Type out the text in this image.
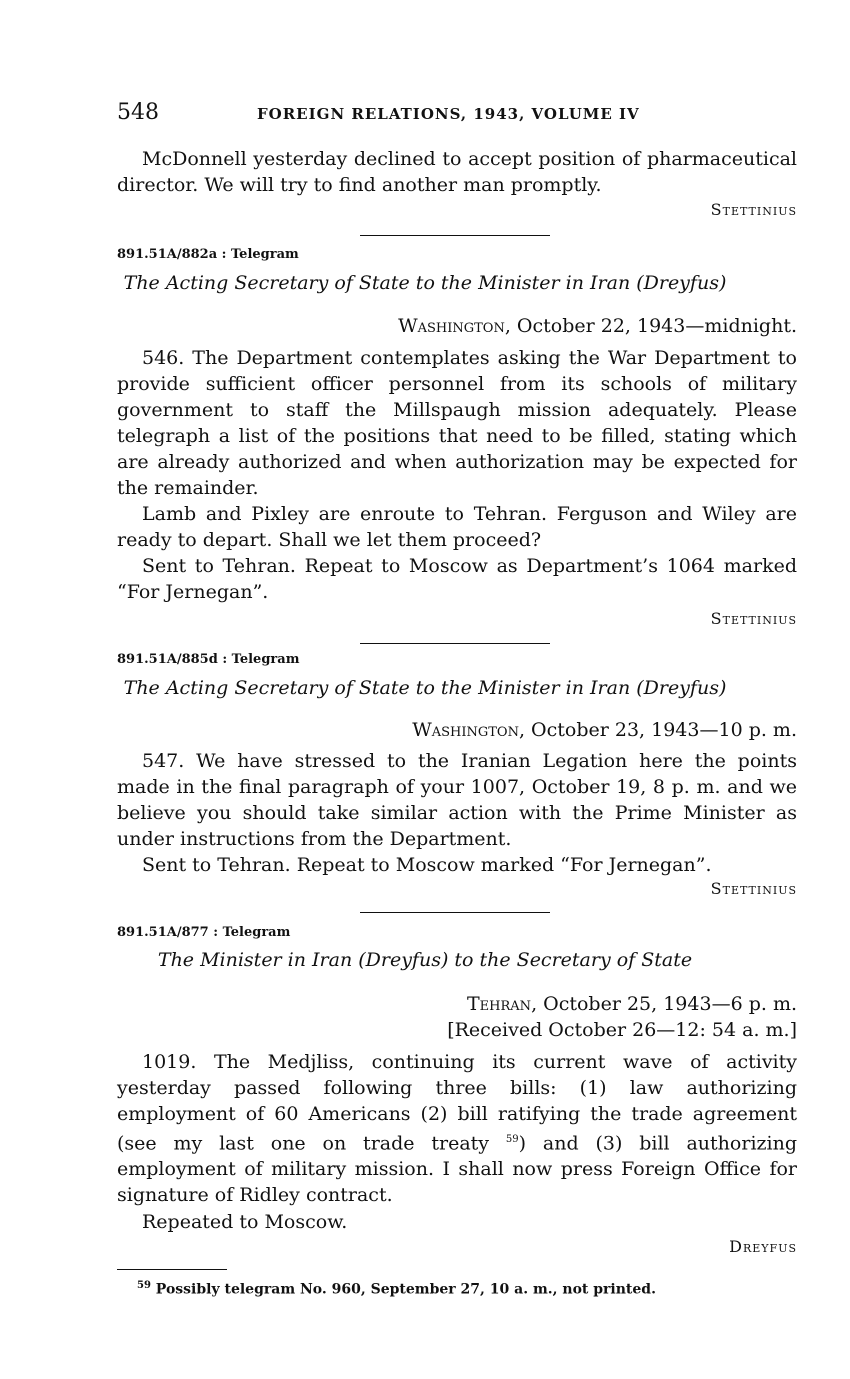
548	FOREIGN RELATIONS, 1943, VOLUME IV
McDonnell yesterday declined to accept position of pharmaceutical director. We will try to find another man promptly.
Stettinius
891.51A/882a : Telegram
The Acting Secretary of State to the Minister in Iran (Dreyfus)
Washington, October 22, 1943—midnight.
546. The Department contemplates asking the War Department to provide sufficient officer personnel from its schools of military government to staff the Millspaugh mission adequately. Please telegraph a list of the positions that need to be filled, stating which are already authorized and when authorization may be expected for the remainder.
Lamb and Pixley are enroute to Tehran. Ferguson and Wiley are ready to depart. Shall we let them proceed?
Sent to Tehran. Repeat to Moscow as Department’s 1064 marked “For Jernegan”.
Stettinius
891.51A/885d : Telegram
The Acting Secretary of State to the Minister in Iran (Dreyfus)
Washington, October 23, 1943—10 p. m.
547. We have stressed to the Iranian Legation here the points made in the final paragraph of your 1007, October 19, 8 p. m. and we believe you should take similar action with the Prime Minister as under instructions from the Department.
Sent to Tehran. Repeat to Moscow marked “For Jernegan”.
Stettinius
891.51A/877 : Telegram
The Minister in Iran (Dreyfus) to the Secretary of State
Tehran, October 25, 1943—6 p. m.
[Received October 26—12: 54 a. m.]
1019. The Medjliss, continuing its current wave of activity yesterday passed following three bills: (1) law authorizing employment of 60 Americans (2) bill ratifying the trade agreement (see my last one on trade treaty $^{59}$) and (3) bill authorizing employment of military mission. I shall now press Foreign Office for signature of Ridley contract.
Repeated to Moscow.
Dreyfus
$^{59}$ Possibly telegram No. 960, September 27, 10 a. m., not printed.
